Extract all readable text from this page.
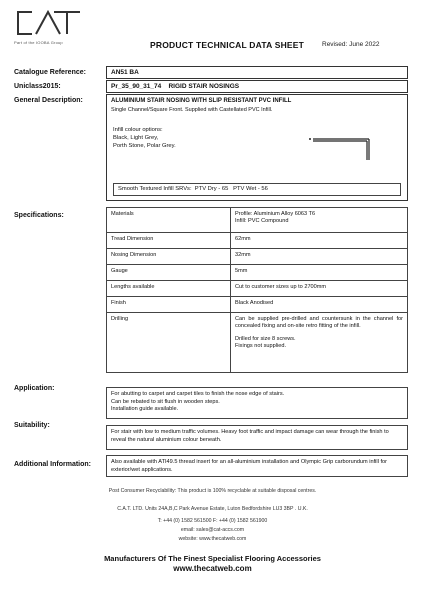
Part of the IOOBA Group	PRODUCT TECHNICAL DATA SHEET	Revised: June 2022
Catalogue Reference:	AN51 BA
Uniclass2015:	Pr_35_90_31_74    RIGID STAIR NOSINGS
General Description:	ALUMINIUM STAIR NOSING WITH SLIP RESISTANT PVC INFILL
Single Channel/Square Front. Supplied with Castellated PVC Infill.
Infill colour options:
Black, Light Grey,
Porth Stone, Polar Grey.
Smooth Textured Infill SRVs:  PTV Dry - 65   PTV Wet - 56
Specifications:	Materials	Profile: Aluminium Alloy 6063 T6
Infill: PVC Compound

Tread Dimension	62mm
Nosing Dimension	32mm
Gauge	5mm
Lengths available	Cut to customer sizes up to 2700mm
Finish	Black Anodised
Drilling	Can be supplied pre-drilled and countersunk in the channel for concealed fixing and on-site retro fitting of the infill.
Drilled for size 8 screws.
Fixings not supplied.
Application:
For abutting to carpet and carpet tiles to finish the nose edge of stairs.
Can be rebated to sit flush in wooden steps.
Installation guide available.
Suitability:
For stair with low to medium traffic volumes. Heavy foot traffic and impact damage can wear through the finish to reveal the natural aluminium colour beneath.
Additional Information:	Also available with ATI49.5 thread insert for an all-aluminium installation and Olympic Grip carborundum infill for exterior/wet applications.
Post Consumer Recyclability: This product is 100% recyclable at suitable disposal centres.
C.A.T. LTD. Units 24A,B,C Park Avenue Estate, Luton Bedfordshire LU3 3BP . U.K.
T: +44 (0) 1582 561500 F: +44 (0) 1582 561900
email: sales@cat-accs.com
website: www.thecatweb.com
Manufacturers Of The Finest Specialist Flooring Accessories
www.thecatweb.com
